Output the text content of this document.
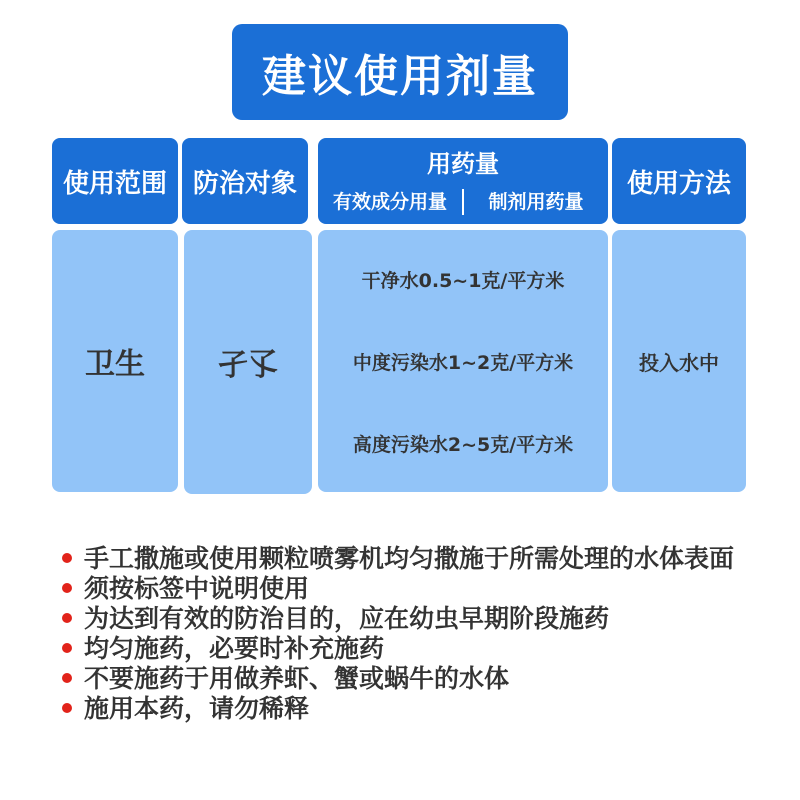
建议使用剂量
使用范围 防治对象
用药量
有效成分用量	制剂用药量
使用方法
卫生	孑孓
干净水0.5~1克/平方米
中度污染水1~2克/平方米
高度污染水2~5克/平方米
投入水中
手工撒施或使用颗粒喷雾机均匀撒施于所需处理的水体表面
须按标签中说明使用
为达到有效的防治目的，应在幼虫早期阶段施药
均匀施药，必要时补充施药
不要施药于用做养虾、蟹或蜗牛的水体
施用本药，请勿稀释
